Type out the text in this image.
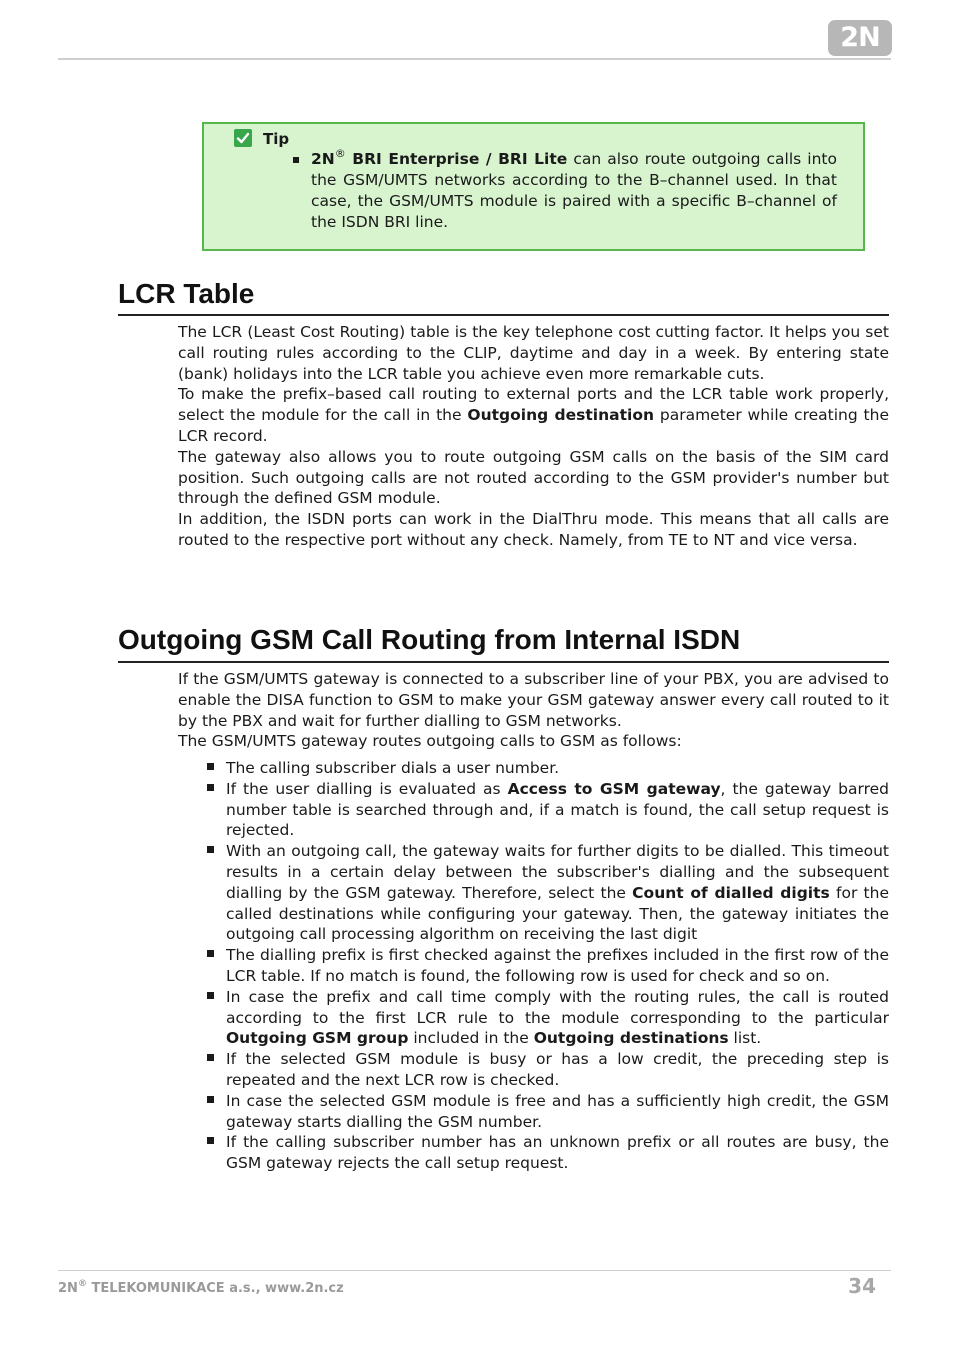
2N
Tip
2N® BRI Enterprise / BRI Lite can also route outgoing calls into the GSM/UMTS networks according to the B–channel used. In that case, the GSM/UMTS module is paired with a specific B–channel of the ISDN BRI line.
LCR Table

The LCR (Least Cost Routing) table is the key telephone cost cutting factor. It helps you set call routing rules according to the CLIP, daytime and day in a week. By entering state (bank) holidays into the LCR table you achieve even more remarkable cuts.

To make the prefix–based call routing to external ports and the LCR table work properly, select the module for the call in the Outgoing destination parameter while creating the LCR record.

The gateway also allows you to route outgoing GSM calls on the basis of the SIM card position. Such outgoing calls are not routed according to the GSM provider's number but through the defined GSM module.

In addition, the ISDN ports can work in the DialThru mode. This means that all calls are routed to the respective port without any check. Namely, from TE to NT and vice versa.

Outgoing GSM Call Routing from Internal ISDN

If the GSM/UMTS gateway is connected to a subscriber line of your PBX, you are advised to enable the DISA function to GSM to make your GSM gateway answer every call routed to it by the PBX and wait for further dialling to GSM networks.

The GSM/UMTS gateway routes outgoing calls to GSM as follows:

The calling subscriber dials a user number.
If the user dialling is evaluated as Access to GSM gateway, the gateway barred number table is searched through and, if a match is found, the call setup request is rejected.
With an outgoing call, the gateway waits for further digits to be dialled. This timeout results in a certain delay between the subscriber's dialling and the subsequent dialling by the GSM gateway. Therefore, select the Count of dialled digits for the called destinations while configuring your gateway. Then, the gateway initiates the outgoing call processing algorithm on receiving the last digit
The dialling prefix is first checked against the prefixes included in the first row of the LCR table. If no match is found, the following row is used for check and so on.
In case the prefix and call time comply with the routing rules, the call is routed according to the first LCR rule to the module corresponding to the particular Outgoing GSM group included in the Outgoing destinations list.
If the selected GSM module is busy or has a low credit, the preceding step is repeated and the next LCR row is checked.
In case the selected GSM module is free and has a sufficiently high credit, the GSM gateway starts dialling the GSM number.
If the calling subscriber number has an unknown prefix or all routes are busy, the GSM gateway rejects the call setup request.
2N® TELEKOMUNIKACE a.s., www.2n.cz	34
